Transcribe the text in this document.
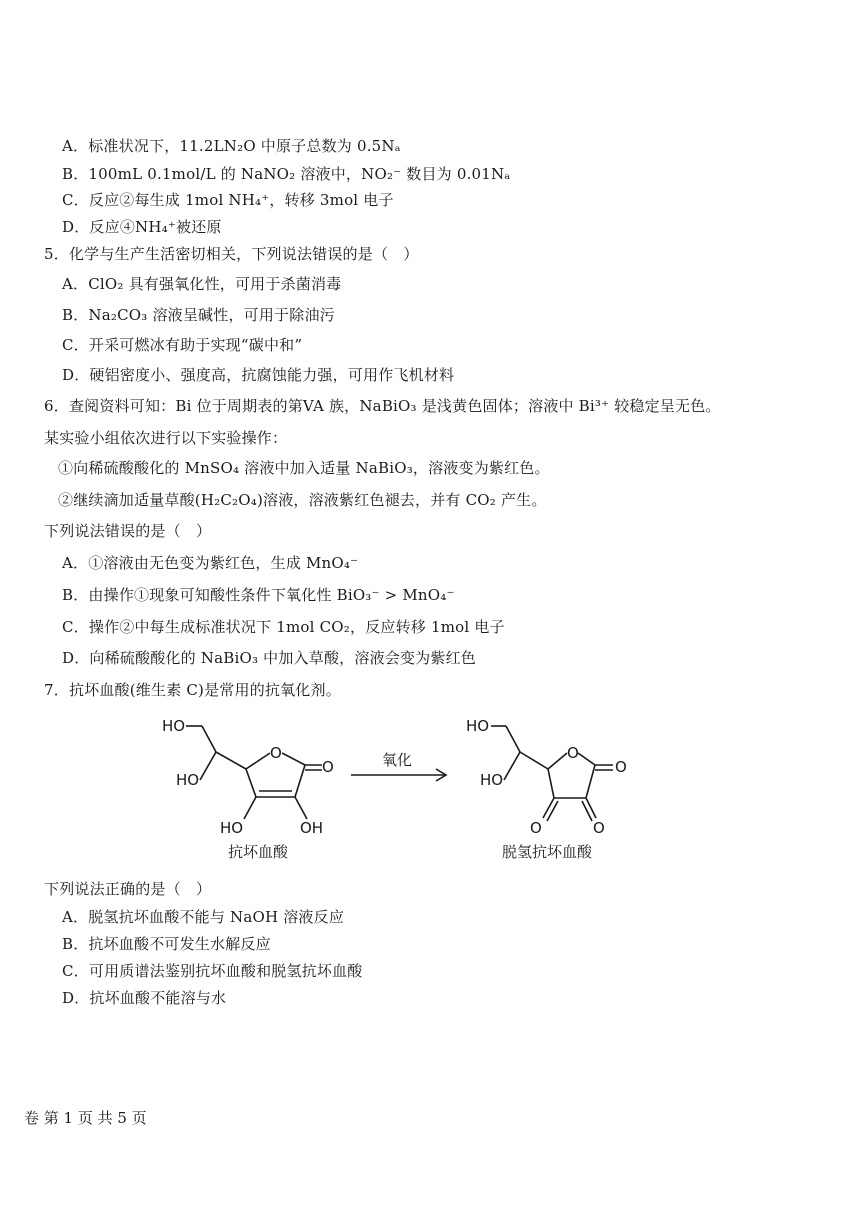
A．标准状况下，11.2LN₂O 中原子总数为 0.5Nₐ
B．100mL 0.1mol/L 的 NaNO₂ 溶液中，NO₂⁻ 数目为 0.01Nₐ
C．反应②每生成 1mol NH₄⁺，转移 3mol 电子
D．反应④NH₄⁺被还原
5．化学与生产生活密切相关，下列说法错误的是（　）
A．ClO₂ 具有强氧化性，可用于杀菌消毒
B．Na₂CO₃ 溶液呈碱性，可用于除油污
C．开采可燃冰有助于实现“碳中和”
D．硬铝密度小、强度高，抗腐蚀能力强，可用作飞机材料
6．查阅资料可知：Bi 位于周期表的第VA 族，NaBiO₃ 是浅黄色固体；溶液中 Bi³⁺ 较稳定呈无色。
某实验小组依次进行以下实验操作：
①向稀硫酸酸化的 MnSO₄ 溶液中加入适量 NaBiO₃，溶液变为紫红色。
②继续滴加适量草酸(H₂C₂O₄)溶液，溶液紫红色褪去，并有 CO₂ 产生。
下列说法错误的是（　）
A．①溶液由无色变为紫红色，生成 MnO₄⁻
B．由操作①现象可知酸性条件下氧化性 BiO₃⁻ > MnO₄⁻
C．操作②中每生成标准状况下 1mol CO₂，反应转移 1mol 电子
D．向稀硫酸酸化的 NaBiO₃ 中加入草酸，溶液会变为紫红色
7．抗坏血酸(维生素 C)是常用的抗氧化剂。
HO
HO
O
O
HO	OH
氧化
HO
HO
O
O
O	O
抗坏血酸	脱氢抗坏血酸
下列说法正确的是（　）
A．脱氢抗坏血酸不能与 NaOH 溶液反应
B．抗坏血酸不可发生水解反应
C．可用质谱法鉴别抗坏血酸和脱氢抗坏血酸
D．抗坏血酸不能溶与水
卷 第 1 页 共 5 页
